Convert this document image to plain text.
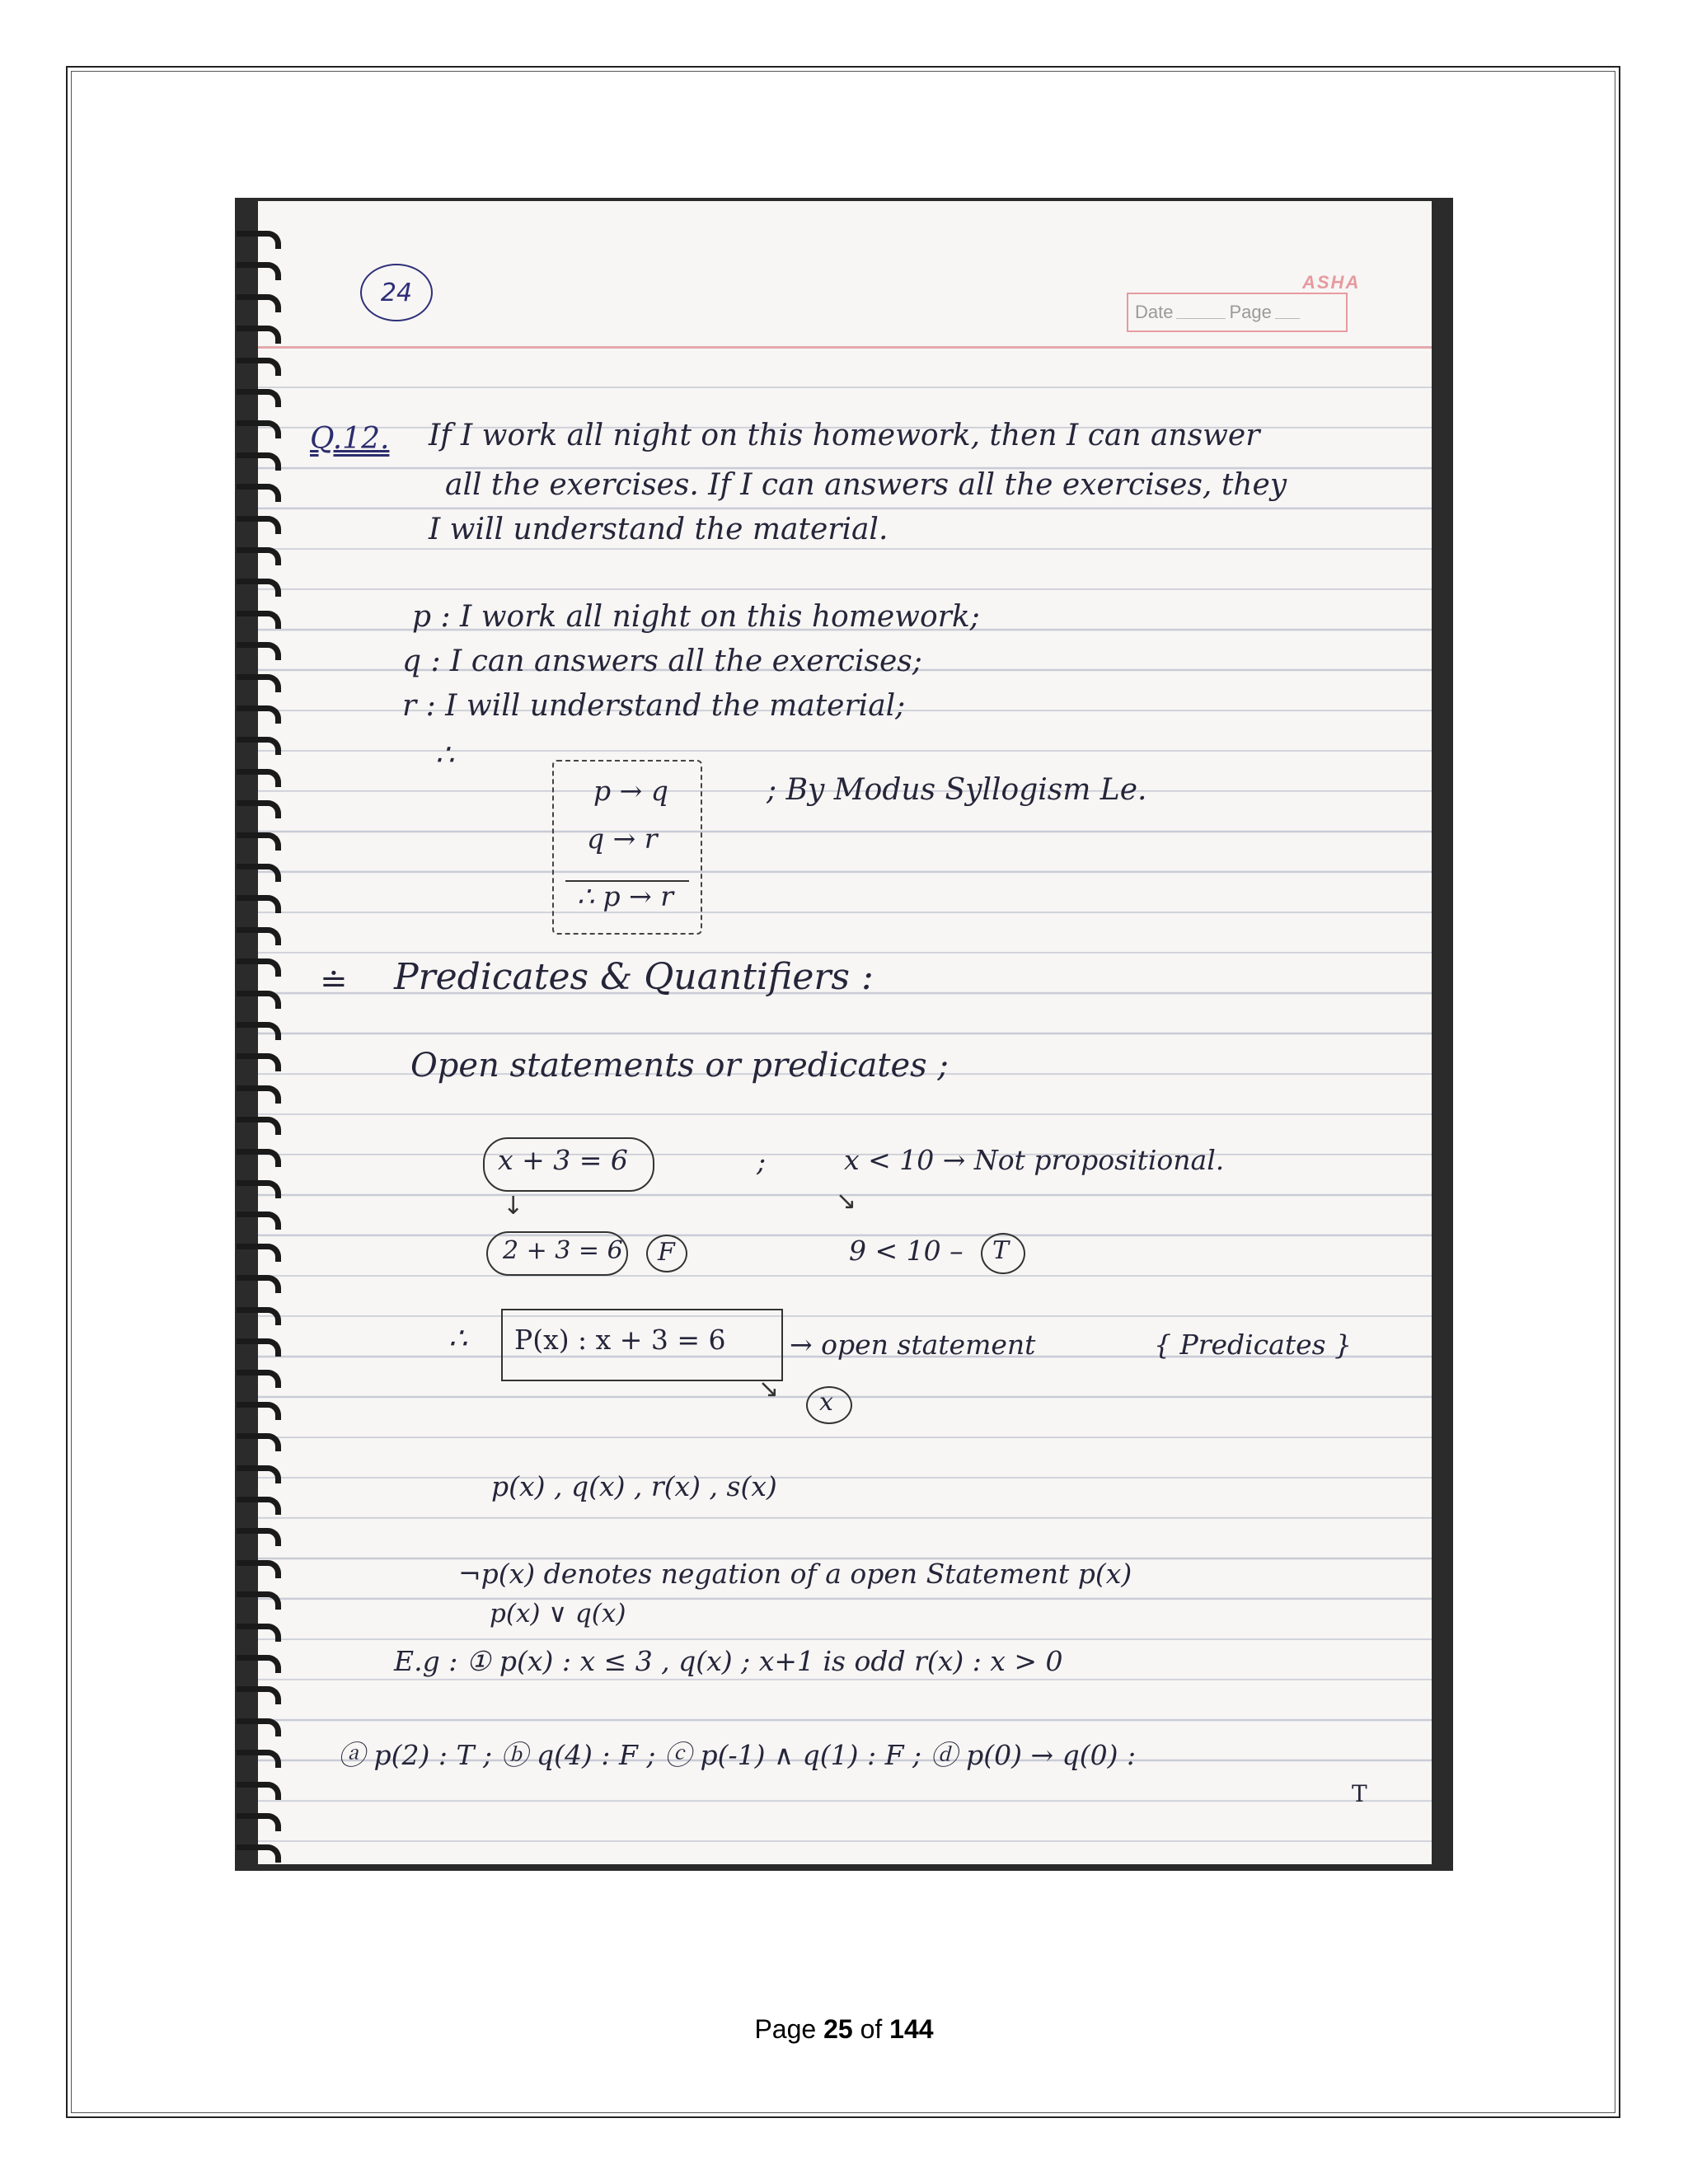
24	ASHA
Date	Page
Q.12. If I work all night on this homework, then I can answer
all the exercises. If I can answers all the exercises, they
I will understand the material.
p : I work all night on this homework;
q : I can answers all the exercises;
r : I will understand the material;
∴
p → q
q → r
∴ p → r
; By Modus Syllogism Le.
≐ Predicates & Quantifiers :
Open statements or predicates ;
x + 3 = 6	;	x < 10 → Not propositional.
↓	↘
2 + 3 = 6 F	9 < 10 – T
∴ P(x) : x + 3 = 6 → open statement	{ Predicates }
↘ x
p(x) , q(x) , r(x) , s(x)
¬p(x) denotes negation of a open Statement p(x)
p(x) ∨ q(x)
E.g : ① p(x) : x ≤ 3 , q(x) ; x+1 is odd r(x) : x > 0
ⓐ p(2) : T ; ⓑ q(4) : F ; ⓒ p(-1) ∧ q(1) : F ; ⓓ p(0) → q(0) :
T
Page 25 of 144
